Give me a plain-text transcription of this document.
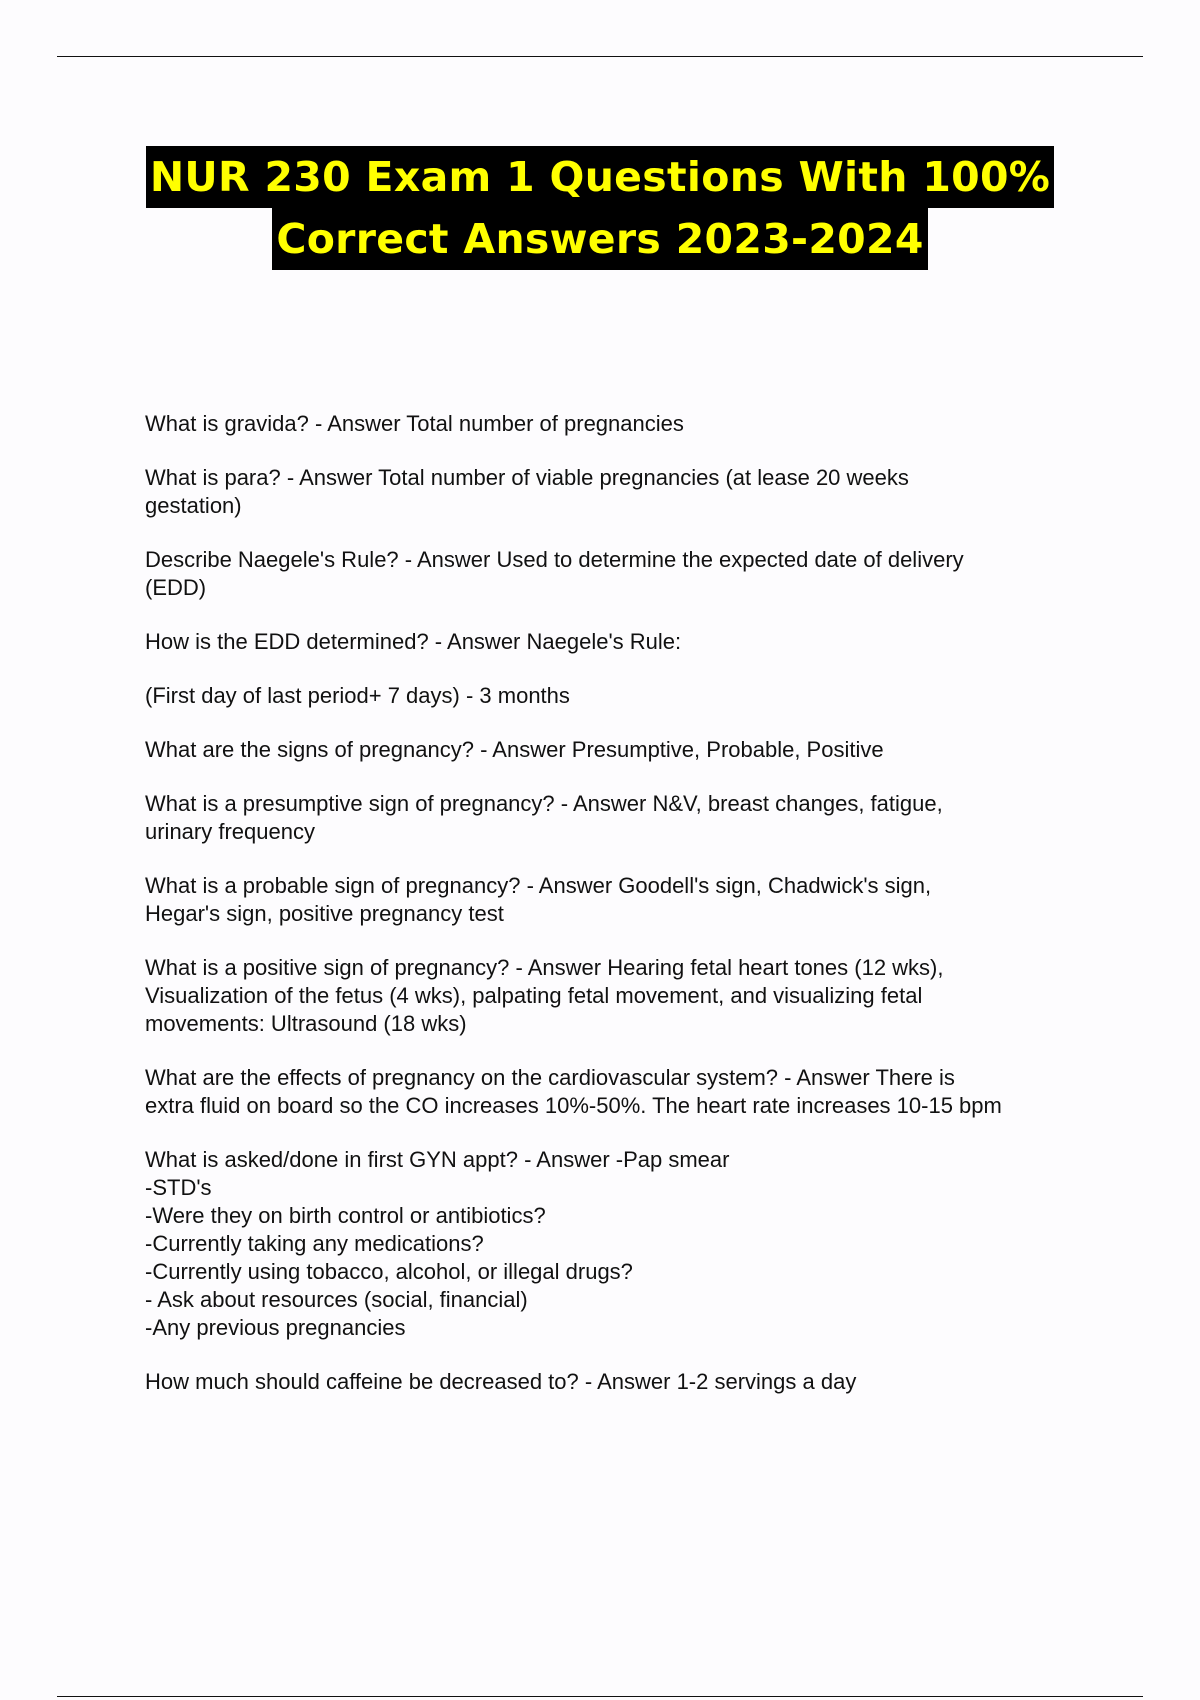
NUR 230 Exam 1 Questions With 100%
Correct Answers 2023-2024
What is gravida? - Answer Total number of pregnancies
What is para? - Answer Total number of viable pregnancies (at lease 20 weeks
gestation)
Describe Naegele's Rule? - Answer Used to determine the expected date of delivery
(EDD)
How is the EDD determined? - Answer Naegele's Rule:
(First day of last period+ 7 days) - 3 months
What are the signs of pregnancy? - Answer Presumptive, Probable, Positive
What is a presumptive sign of pregnancy? - Answer N&V, breast changes, fatigue,
urinary frequency
What is a probable sign of pregnancy? - Answer Goodell's sign, Chadwick's sign,
Hegar's sign, positive pregnancy test
What is a positive sign of pregnancy? - Answer Hearing fetal heart tones (12 wks),
Visualization of the fetus (4 wks), palpating fetal movement, and visualizing fetal
movements: Ultrasound (18 wks)
What are the effects of pregnancy on the cardiovascular system? - Answer There is
extra fluid on board so the CO increases 10%-50%. The heart rate increases 10-15 bpm
What is asked/done in first GYN appt? - Answer -Pap smear
-STD's
-Were they on birth control or antibiotics?
-Currently taking any medications?
-Currently using tobacco, alcohol, or illegal drugs?
- Ask about resources (social, financial)
-Any previous pregnancies
How much should caffeine be decreased to? - Answer 1-2 servings a day
